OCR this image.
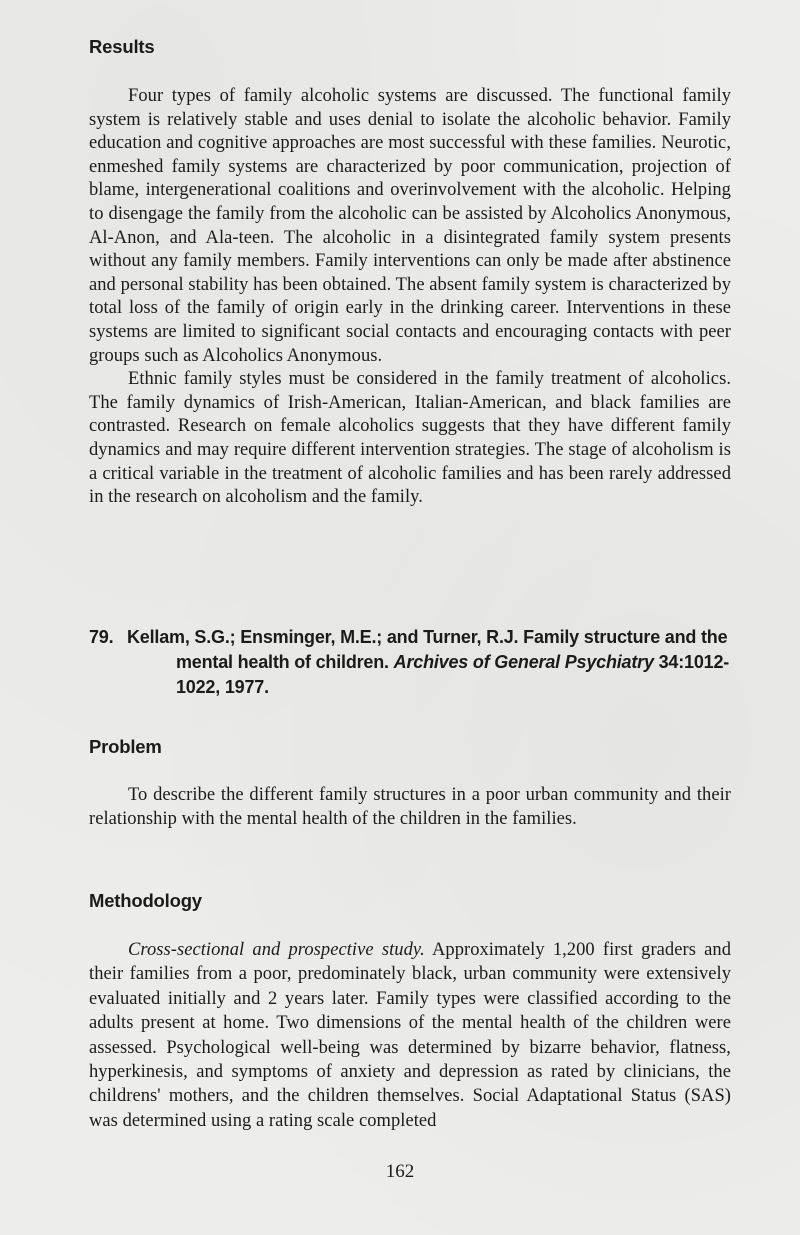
Results

Four types of family alcoholic systems are discussed. The functional family system is relatively stable and uses denial to isolate the alcoholic behavior. Family education and cognitive approaches are most successful with these families. Neurotic, enmeshed family systems are characterized by poor communication, projection of blame, intergenerational coalitions and overinvolvement with the alcoholic. Helping to disengage the family from the alcoholic can be assisted by Alcoholics Anonymous, Al-Anon, and Ala-teen. The alcoholic in a disintegrated family system presents without any family members. Family interventions can only be made after abstinence and personal stability has been obtained. The absent family system is characterized by total loss of the family of origin early in the drinking career. Interventions in these systems are limited to significant social contacts and encouraging contacts with peer groups such as Alcoholics Anonymous.

Ethnic family styles must be considered in the family treatment of alcoholics. The family dynamics of Irish-American, Italian-American, and black families are contrasted. Research on female alcoholics suggests that they have different family dynamics and may require different intervention strategies. The stage of alcoholism is a critical variable in the treatment of alcoholic families and has been rarely addressed in the research on alcoholism and the family.

79. Kellam, S.G.; Ensminger, M.E.; and Turner, R.J. Family structure and the mental health of children. Archives of General Psychiatry 34:1012-1022, 1977.
Problem

To describe the different family structures in a poor urban community and their relationship with the mental health of the children in the families.

Methodology

Cross-sectional and prospective study. Approximately 1,200 first graders and their families from a poor, predominately black, urban community were extensively evaluated initially and 2 years later. Family types were classified according to the adults present at home. Two dimensions of the mental health of the children were assessed. Psychological well-being was determined by bizarre behavior, flatness, hyperkinesis, and symptoms of anxiety and depression as rated by clinicians, the childrens' mothers, and the children themselves. Social Adaptational Status (SAS) was determined using a rating scale completed

162
